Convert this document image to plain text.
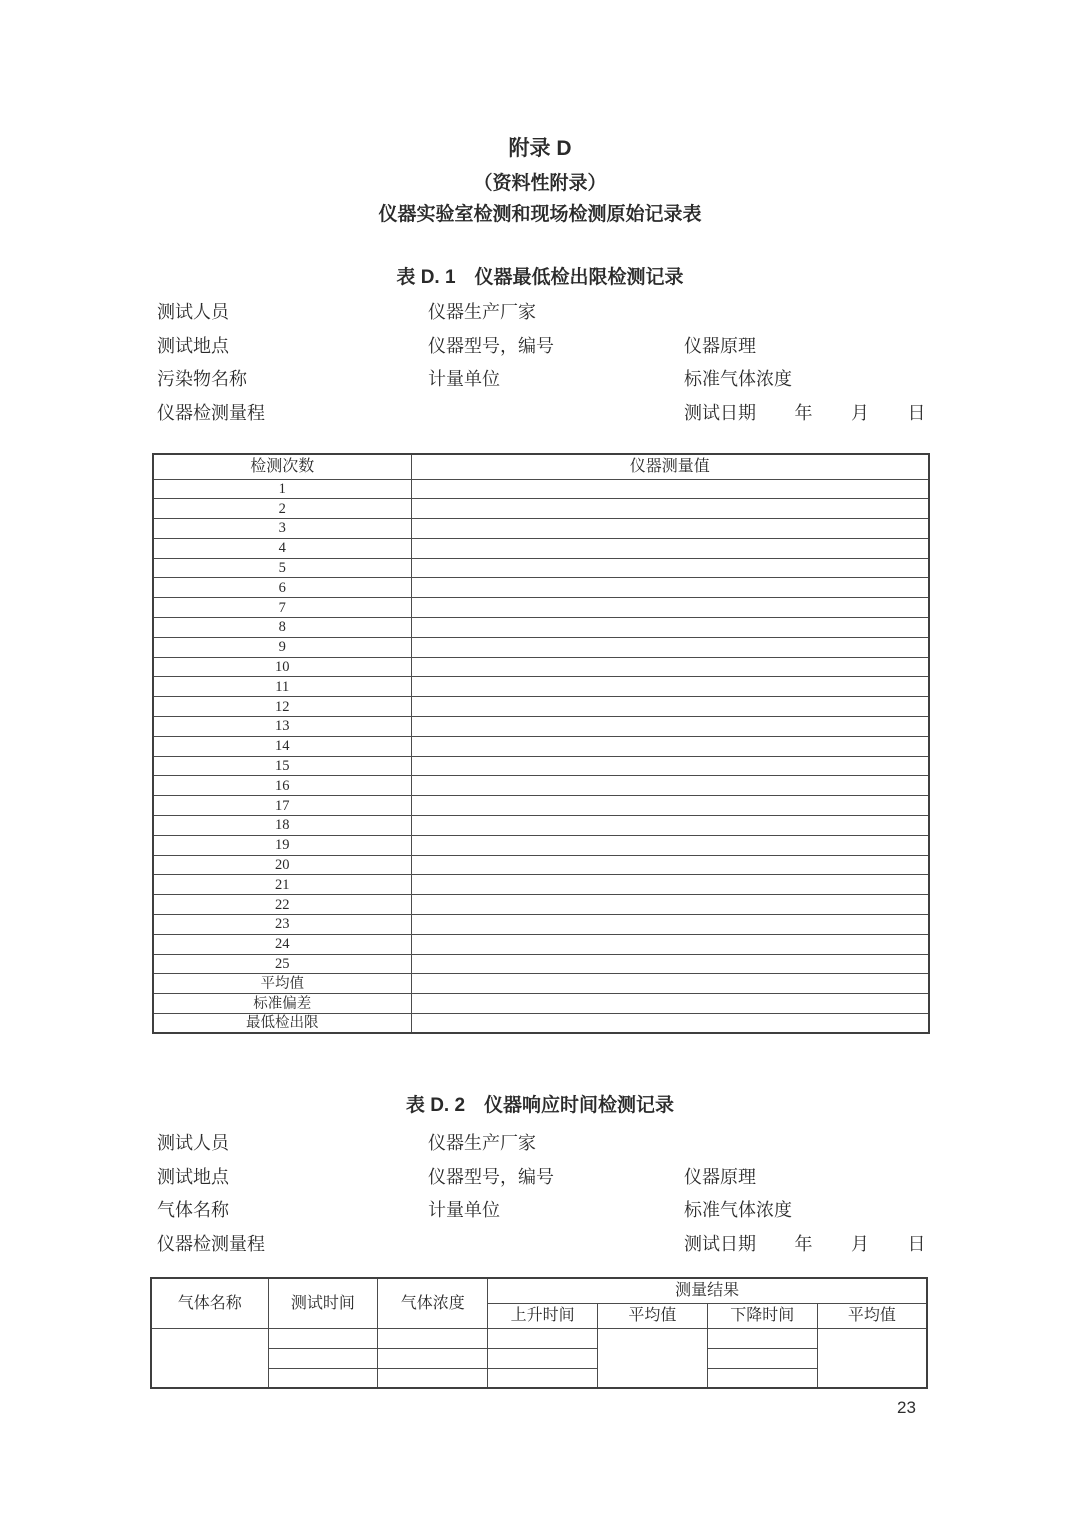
附录 D
（资料性附录）
仪器实验室检测和现场检测原始记录表
表 D. 1　仪器最低检出限检测记录
测试人员	仪器生产厂家
测试地点	仪器型号，编号	仪器原理
污染物名称	计量单位	标准气体浓度
仪器检测量程	测试日期 年 月 日
检测次数	仪器测量值
1	
2	
3	
4	
5	
6	
7	
8	
9	
10	
11	
12	
13	
14	
15	
16	
17	
18	
19	
20	
21	
22	
23	
24	
25	
平均值	
标准偏差	
最低检出限	
表 D. 2　仪器响应时间检测记录
测试人员	仪器生产厂家
测试地点	仪器型号，编号	仪器原理
气体名称	计量单位	标准气体浓度
仪器检测量程	测试日期 年 月 日
气体名称	测试时间	气体浓度	测量结果			
			上升时间	平均值	下降时间	平均值

23
